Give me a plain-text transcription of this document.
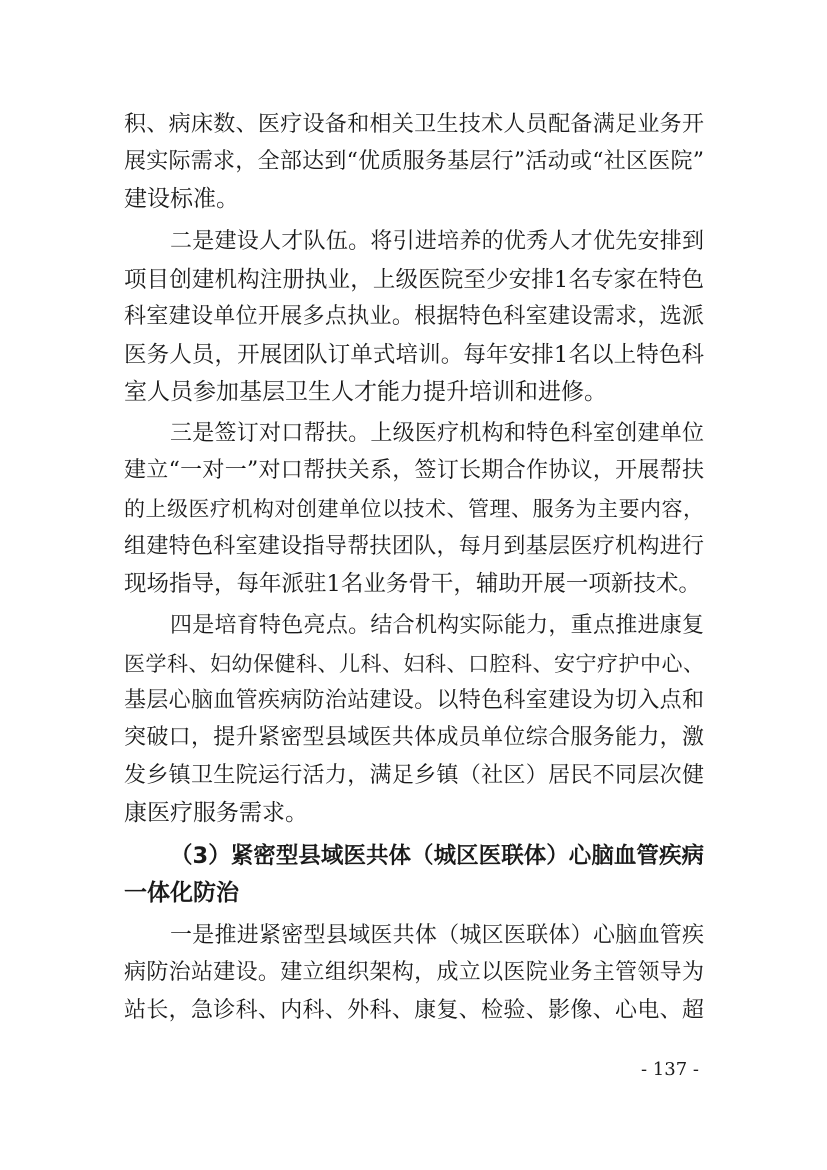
积、病床数、医疗设备和相关卫生技术人员配备满足业务开
展实际需求，全部达到“优质服务基层行”活动或“社区医院”
建设标准。
二是建设人才队伍。将引进培养的优秀人才优先安排到
项目创建机构注册执业，上级医院至少安排1名专家在特色
科室建设单位开展多点执业。根据特色科室建设需求，选派
医务人员，开展团队订单式培训。每年安排1名以上特色科
室人员参加基层卫生人才能力提升培训和进修。
三是签订对口帮扶。上级医疗机构和特色科室创建单位
建立“一对一”对口帮扶关系，签订长期合作协议，开展帮扶
的上级医疗机构对创建单位以技术、管理、服务为主要内容，
组建特色科室建设指导帮扶团队，每月到基层医疗机构进行
现场指导，每年派驻1名业务骨干，辅助开展一项新技术。
四是培育特色亮点。结合机构实际能力，重点推进康复
医学科、妇幼保健科、儿科、妇科、口腔科、安宁疗护中心、
基层心脑血管疾病防治站建设。以特色科室建设为切入点和
突破口，提升紧密型县域医共体成员单位综合服务能力，激
发乡镇卫生院运行活力，满足乡镇（社区）居民不同层次健
康医疗服务需求。
（3）紧密型县域医共体（城区医联体）心脑血管疾病
一体化防治
一是推进紧密型县域医共体（城区医联体）心脑血管疾
病防治站建设。建立组织架构，成立以医院业务主管领导为
站长，急诊科、内科、外科、康复、检验、影像、心电、超
- 137 -
